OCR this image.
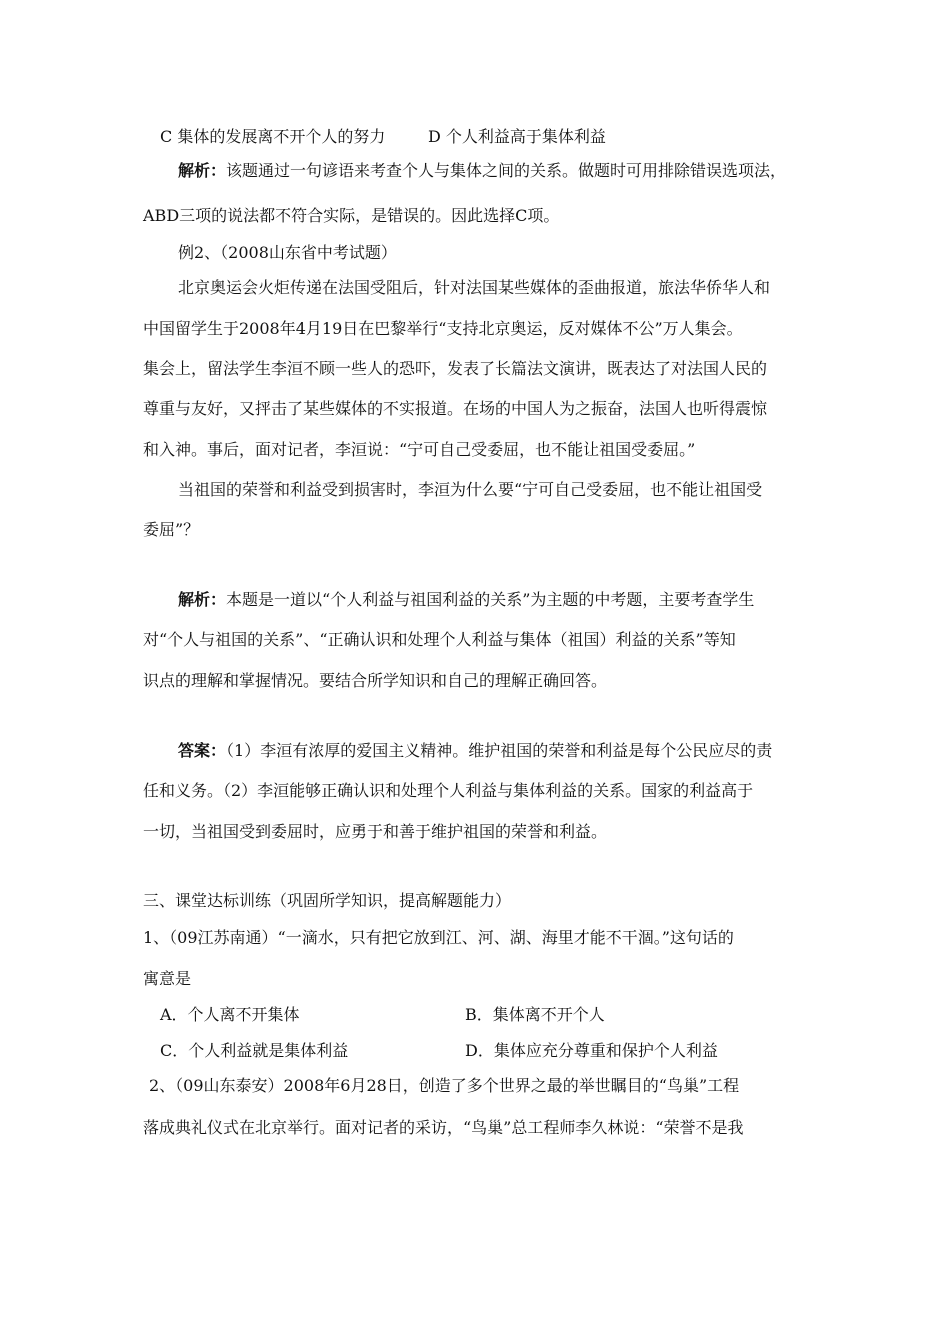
C 集体的发展离不开个人的努力	D 个人利益高于集体利益
解析：该题通过一句谚语来考查个人与集体之间的关系。做题时可用排除错误选项法，
ABD三项的说法都不符合实际，是错误的。因此选择C项。
例2、（2008山东省中考试题）
北京奥运会火炬传递在法国受阻后，针对法国某些媒体的歪曲报道，旅法华侨华人和
中国留学生于2008年4月19日在巴黎举行“支持北京奥运，反对媒体不公”万人集会。
集会上，留法学生李洹不顾一些人的恐吓，发表了长篇法文演讲，既表达了对法国人民的
尊重与友好，又抨击了某些媒体的不实报道。在场的中国人为之振奋，法国人也听得震惊
和入神。事后，面对记者，李洹说：“宁可自己受委屈，也不能让祖国受委屈。”
当祖国的荣誉和利益受到损害时，李洹为什么要“宁可自己受委屈，也不能让祖国受
委屈”？
解析：本题是一道以“个人利益与祖国利益的关系”为主题的中考题，主要考查学生
对“个人与祖国的关系”、“正确认识和处理个人利益与集体（祖国）利益的关系”等知
识点的理解和掌握情况。要结合所学知识和自己的理解正确回答。
答案：（1）李洹有浓厚的爱国主义精神。维护祖国的荣誉和利益是每个公民应尽的责
任和义务。（2）李洹能够正确认识和处理个人利益与集体利益的关系。国家的利益高于
一切，当祖国受到委屈时，应勇于和善于维护祖国的荣誉和利益。
三、课堂达标训练（巩固所学知识，提高解题能力）
1、（09江苏南通）“一滴水，只有把它放到江、河、湖、海里才能不干涸。”这句话的
寓意是
A．个人离不开集体	B．集体离不开个人
C．个人利益就是集体利益	D．集体应充分尊重和保护个人利益
2、（09山东泰安）2008年6月28日，创造了多个世界之最的举世瞩目的“鸟巢”工程
落成典礼仪式在北京举行。面对记者的采访，“鸟巢”总工程师李久林说：“荣誉不是我
